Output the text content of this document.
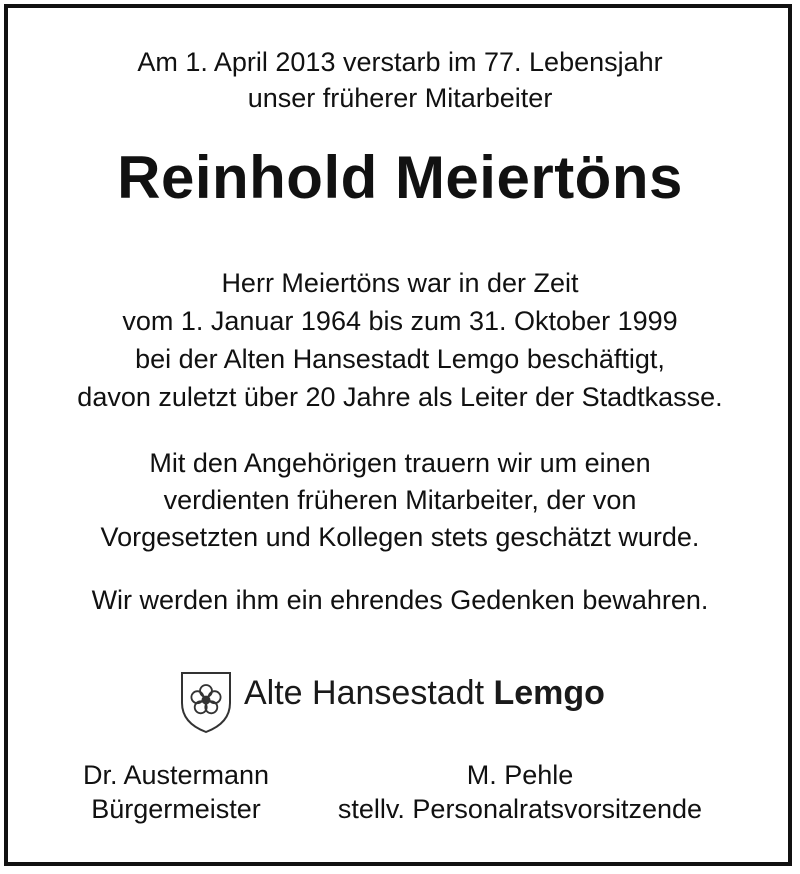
Am 1. April 2013 verstarb im 77. Lebensjahr
unser früherer Mitarbeiter
Reinhold Meiertöns
Herr Meiertöns war in der Zeit
vom 1. Januar 1964 bis zum 31. Oktober 1999
bei der Alten Hansestadt Lemgo beschäftigt,
davon zuletzt über 20 Jahre als Leiter der Stadtkasse.
Mit den Angehörigen trauern wir um einen
verdienten früheren Mitarbeiter, der von
Vorgesetzten und Kollegen stets geschätzt wurde.
Wir werden ihm ein ehrendes Gedenken bewahren.
Alte Hansestadt Lemgo
Dr. Austermann
Bürgermeister
M. Pehle
stellv. Personalratsvorsitzende
